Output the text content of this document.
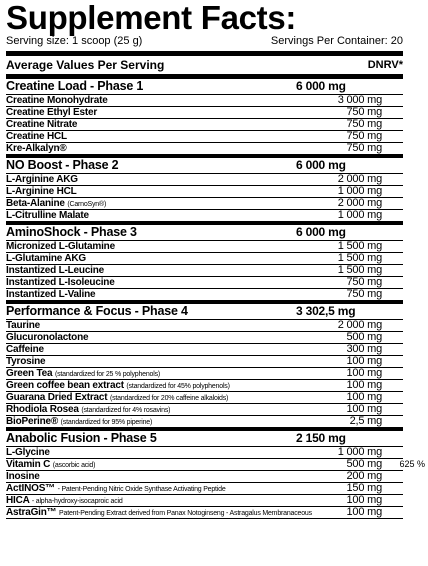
Supplement Facts:
Serving size: 1 scoop (25 g)	Servings Per Container: 20
Average Values Per Serving	DNRV*
Creatine Load - Phase 1	6 000 mg
Creatine Monohydrate	3 000 mg
Creatine Ethyl Ester	750 mg
Creatine Nitrate	750 mg
Creatine HCL	750 mg
Kre-Alkalyn®	750 mg
NO Boost - Phase 2	6 000 mg
L-Arginine AKG	2 000 mg
L-Arginine HCL	1 000 mg
Beta-Alanine (CarnoSyn®)	2 000 mg
L-Citrulline Malate	1 000 mg
AminoShock - Phase 3	6 000 mg
Micronized L-Glutamine	1 500 mg
L-Glutamine AKG	1 500 mg
Instantized L-Leucine	1 500 mg
Instantized L-Isoleucine	750 mg
Instantized L-Valine	750 mg
Performance & Focus - Phase 4	3 302,5 mg
Taurine	2 000 mg
Glucuronolactone	500 mg
Caffeine	300 mg
Tyrosine	100 mg
Green Tea (standardized for 25 % polyphenols)	100 mg
Green coffee bean extract (standardized for 45% polyphenols)	100 mg
Guarana Dried Extract (standardized for 20% caffeine alkaloids)	100 mg
Rhodiola Rosea (standardized for 4% rosavins)	100 mg
BioPerine® (standardized for 95% piperine)	2,5 mg
Anabolic Fusion - Phase 5	2 150 mg
L-Glycine	1 000 mg
Vitamin C (ascorbic acid)	500 mg 625 %
Inosine	200 mg
ActINOS™ - Patent-Pending Nitric Oxide Synthase Activating Peptide	150 mg
HICA - alpha-hydroxy-isocaproic acid	100 mg
AstraGin™ Patent-Pending Extract derived from Panax Notoginseng - Astragalus Membranaceous	100 mg
